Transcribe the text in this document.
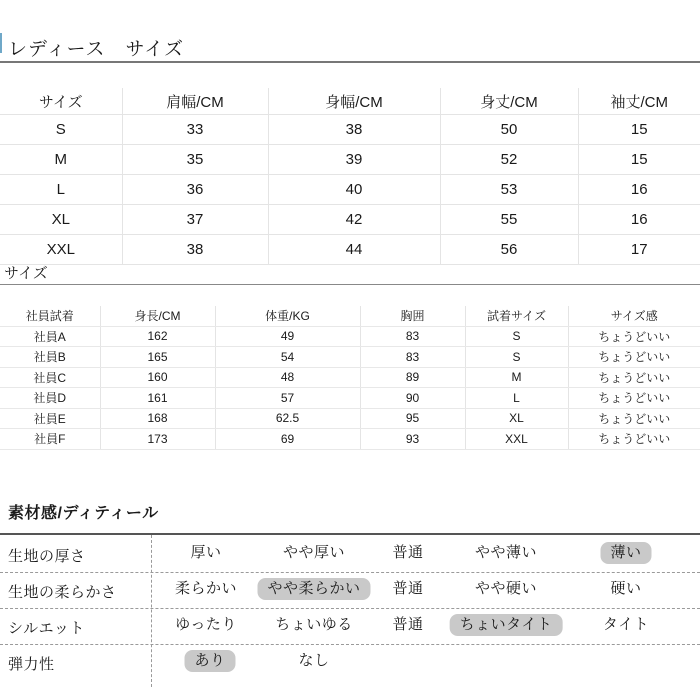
レディース　サイズ
サイズ	肩幅/CM	身幅/CM	身丈/CM	袖丈/CM
S	33	38	50	15
M	35	39	52	15
L	36	40	53	16
XL	37	42	55	16
XXL	38	44	56	17
サイズ
社員試着	身長/CM	体重/KG	胸囲	試着サイズ	サイズ感
社員A	162	49	83	S	ちょうどいい
社員B	165	54	83	S	ちょうどいい
社員C	160	48	89	M	ちょうどいい
社員D	161	57	90	L	ちょうどいい
社員E	168	62.5	95	XL	ちょうどいい
社員F	173	69	93	XXL	ちょうどいい
素材感/ディティール
生地の厚さ	厚い	やや厚い	普通	やや薄い	薄い
生地の柔らかさ	柔らかい	やや柔らかい	普通	やや硬い	硬い
シルエット	ゆったり	ちょいゆる	普通	ちょいタイト	タイト
弾力性	あり	なし
